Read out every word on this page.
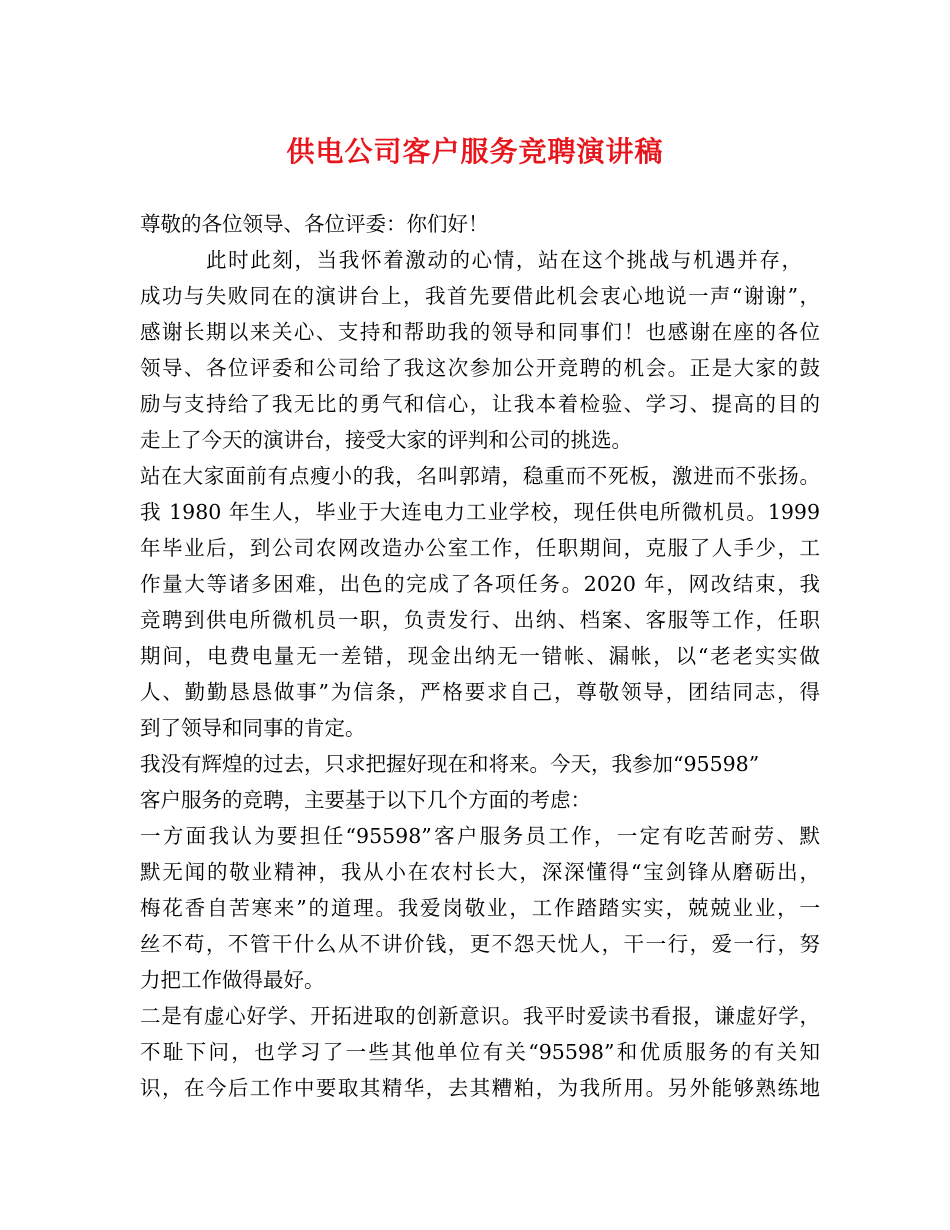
供电公司客户服务竞聘演讲稿
尊敬的各位领导、各位评委：你们好！
此时此刻，当我怀着激动的心情，站在这个挑战与机遇并存，
成功与失败同在的演讲台上，我首先要借此机会衷心地说一声“谢谢”，
感谢长期以来关心、支持和帮助我的领导和同事们！也感谢在座的各位
领导、各位评委和公司给了我这次参加公开竞聘的机会。正是大家的鼓
励与支持给了我无比的勇气和信心，让我本着检验、学习、提高的目的
走上了今天的演讲台，接受大家的评判和公司的挑选。
站在大家面前有点瘦小的我，名叫郭靖，稳重而不死板，激进而不张扬。
我 1980 年生人，毕业于大连电力工业学校，现任供电所微机员。1999
年毕业后，到公司农网改造办公室工作，任职期间，克服了人手少，工
作量大等诸多困难，出色的完成了各项任务。2020 年，网改结束，我
竞聘到供电所微机员一职，负责发行、出纳、档案、客服等工作，任职
期间，电费电量无一差错，现金出纳无一错帐、漏帐，以“老老实实做
人、勤勤恳恳做事”为信条，严格要求自己，尊敬领导，团结同志，得
到了领导和同事的肯定。
我没有辉煌的过去，只求把握好现在和将来。今天，我参加“95598”
客户服务的竞聘，主要基于以下几个方面的考虑：
一方面我认为要担任“95598”客户服务员工作，一定有吃苦耐劳、默
默无闻的敬业精神，我从小在农村长大，深深懂得“宝剑锋从磨砺出，
梅花香自苦寒来”的道理。我爱岗敬业，工作踏踏实实，兢兢业业，一
丝不苟，不管干什么从不讲价钱，更不怨天忧人，干一行，爱一行，努
力把工作做得最好。
二是有虚心好学、开拓进取的创新意识。我平时爱读书看报，谦虚好学，
不耻下问，也学习了一些其他单位有关“95598”和优质服务的有关知
识，在今后工作中要取其精华，去其糟粕，为我所用。另外能够熟练地
